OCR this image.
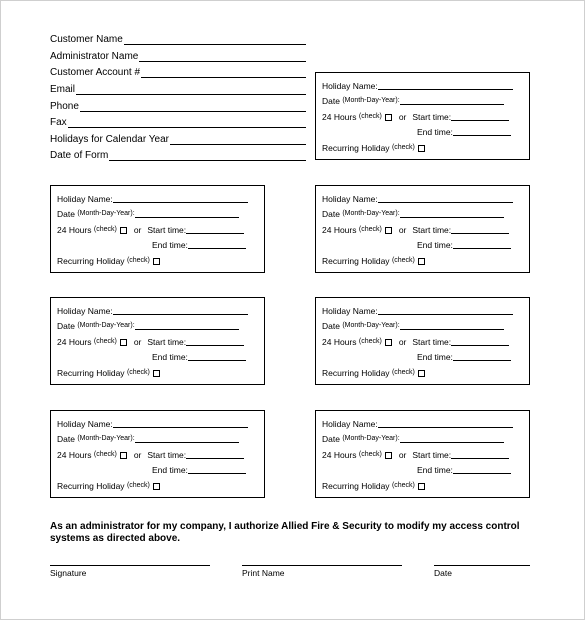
Customer Name
Administrator Name
Customer Account #
Email
Phone
Fax
Holidays for Calendar Year
Date of Form
Holiday Name:
Date
(Month-Day-Year):
24 Hours
(check) or Start time:
End time:
Recurring Holiday
(check)
Holiday Name:
Date
(Month-Day-Year):
24 Hours
(check) or Start time:
End time:
Recurring Holiday
(check)
Holiday Name:
Date
(Month-Day-Year):
24 Hours
(check) or Start time:
End time:
Recurring Holiday
(check)
Holiday Name:
Date
(Month-Day-Year):
24 Hours
(check) or Start time:
End time:
Recurring Holiday
(check)
Holiday Name:
Date
(Month-Day-Year):
24 Hours
(check) or Start time:
End time:
Recurring Holiday
(check)
Holiday Name:
Date
(Month-Day-Year):
24 Hours
(check) or Start time:
End time:
Recurring Holiday
(check)
Holiday Name:
Date
(Month-Day-Year):
24 Hours
(check) or Start time:
End time:
Recurring Holiday
(check)
As an administrator for my company, I authorize Allied Fire & Security to modify my access control systems as directed above.
Signature	Print Name	Date
